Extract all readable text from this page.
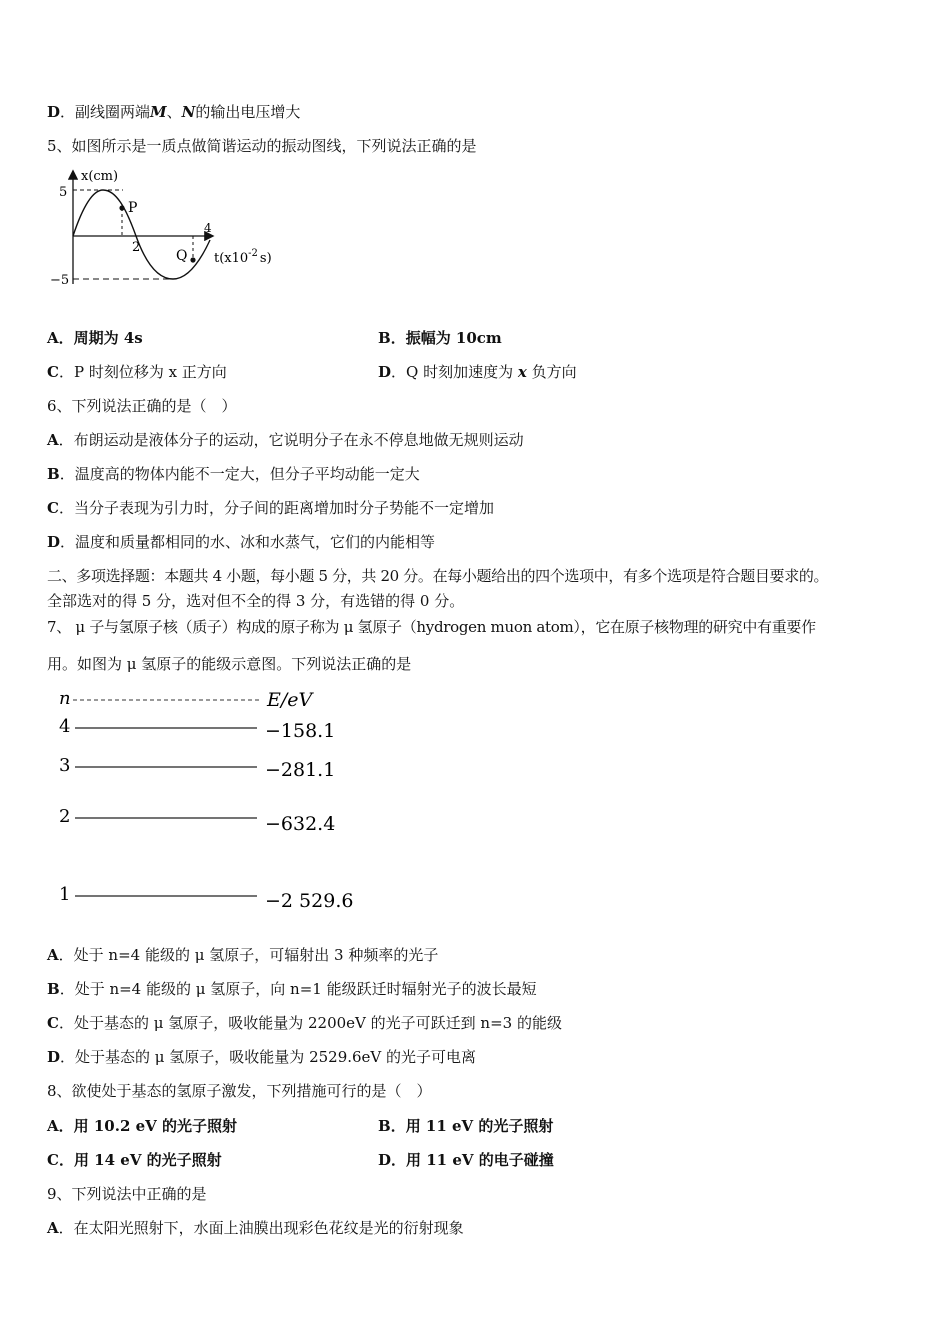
D．副线圈两端M、N的输出电压增大
5、如图所示是一质点做简谐运动的振动图线，下列说法正确的是
x(cm)
5
−5
2
4
P
Q $t(x10^{-2}$ s)
A．周期为 4s	B．振幅为 10cm
C．P 时刻位移为 x 正方向	D．Q 时刻加速度为 x 负方向
6、下列说法正确的是（　）
A．布朗运动是液体分子的运动，它说明分子在永不停息地做无规则运动
B．温度高的物体内能不一定大，但分子平均动能一定大
C．当分子表现为引力时，分子间的距离增加时分子势能不一定增加
D．温度和质量都相同的水、冰和水蒸气，它们的内能相等
二、多项选择题：本题共 4 小题，每小题 5 分，共 20 分。在每小题给出的四个选项中，有多个选项是符合题目要求的。
全部选对的得 5 分，选对但不全的得 3 分，有选错的得 0 分。
7、 μ 子与氢原子核（质子）构成的原子称为 μ 氢原子（hydrogen muon atom），它在原子核物理的研究中有重要作
用。如图为 μ 氢原子的能级示意图。下列说法正确的是
n	E/eV
4	−158.1
3	−281.1
2	−632.4
1	−2 529.6
A．处于 n=4 能级的 μ 氢原子，可辐射出 3 种频率的光子
B．处于 n=4 能级的 μ 氢原子，向 n=1 能级跃迁时辐射光子的波长最短
C．处于基态的 μ 氢原子，吸收能量为 2200eV 的光子可跃迁到 n=3 的能级
D．处于基态的 μ 氢原子，吸收能量为 2529.6eV 的光子可电离
8、欲使处于基态的氢原子激发，下列措施可行的是（　）
A．用 10.2 eV 的光子照射	B．用 11 eV 的光子照射
C．用 14 eV 的光子照射	D．用 11 eV 的电子碰撞
9、下列说法中正确的是
A．在太阳光照射下，水面上油膜出现彩色花纹是光的衍射现象
